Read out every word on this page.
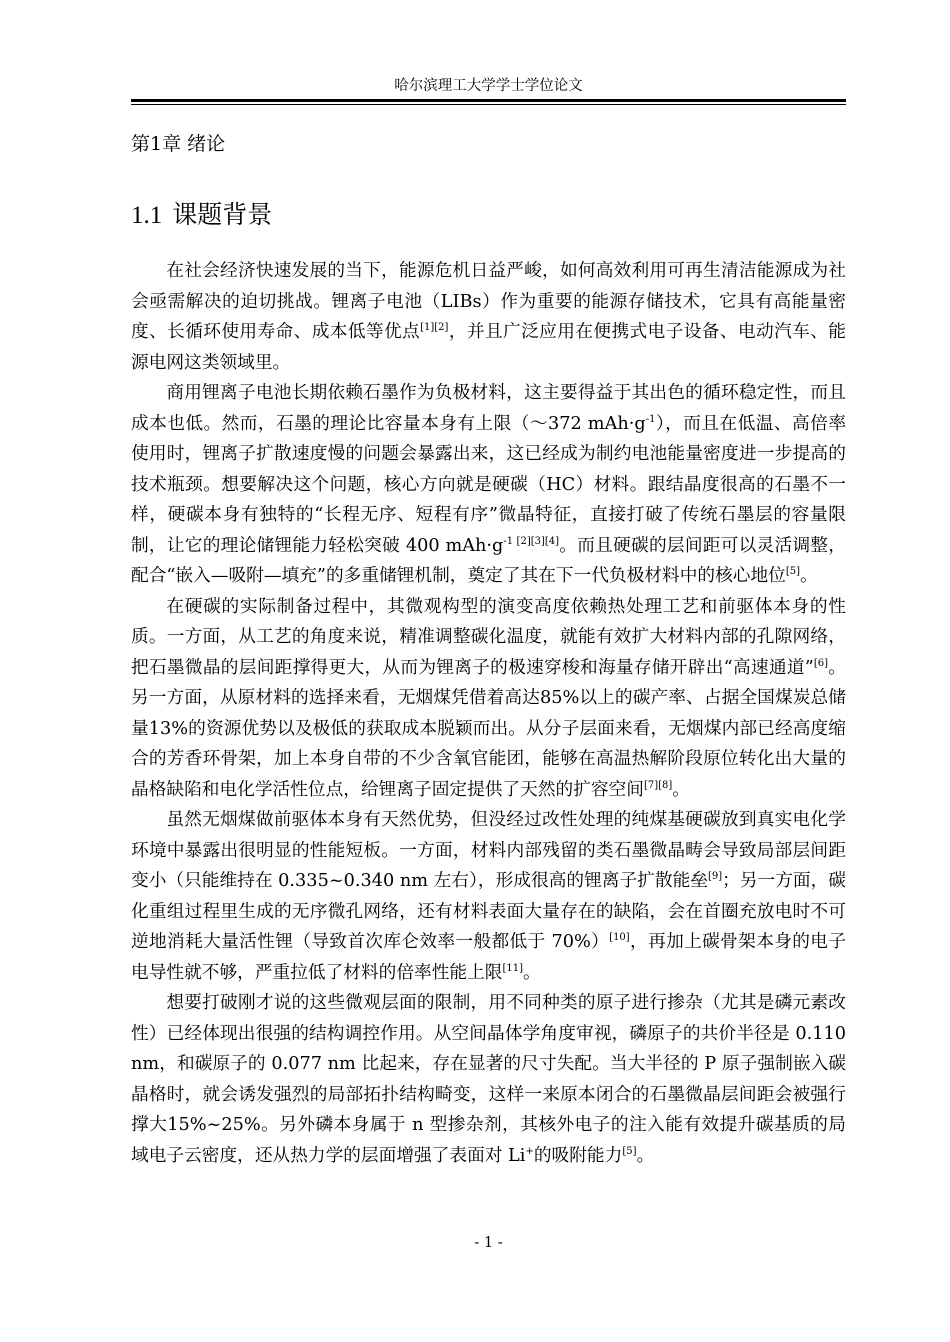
哈尔滨理工大学学士学位论文
第1章 绪论
1.1 课题背景

在社会经济快速发展的当下，能源危机日益严峻，如何高效利用可再生清洁能源成为社会亟需解决的迫切挑战。锂离子电池（LIBs）作为重要的能源存储技术，它具有高能量密度、长循环使用寿命、成本低等优点[1][2]，并且广泛应用在便携式电子设备、电动汽车、能源电网这类领域里。

商用锂离子电池长期依赖石墨作为负极材料，这主要得益于其出色的循环稳定性，而且成本也低。然而，石墨的理论比容量本身有上限（～372 $mAh\cdot g^{-1}$），而且在低温、高倍率使用时，锂离子扩散速度慢的问题会暴露出来，这已经成为制约电池能量密度进一步提高的技术瓶颈。想要解决这个问题，核心方向就是硬碳（HC）材料。跟结晶度很高的石墨不一样，硬碳本身有独特的“长程无序、短程有序”微晶特征，直接打破了传统石墨层的容量限制，让它的理论储锂能力轻松突破 400 $mAh\cdot g^{-1 [2][3][4]}$。而且硬碳的层间距可以灵活调整，配合“嵌入—吸附—填充”的多重储锂机制，奠定了其在下一代负极材料中的核心地位[5]。

在硬碳的实际制备过程中，其微观构型的演变高度依赖热处理工艺和前驱体本身的性质。一方面，从工艺的角度来说，精准调整碳化温度，就能有效扩大材料内部的孔隙网络，把石墨微晶的层间距撑得更大，从而为锂离子的极速穿梭和海量存储开辟出“高速通道”[6]。另一方面，从原材料的选择来看，无烟煤凭借着高达85%以上的碳产率、占据全国煤炭总储量13%的资源优势以及极低的获取成本脱颖而出。从分子层面来看，无烟煤内部已经高度缩合的芳香环骨架，加上本身自带的不少含氧官能团，能够在高温热解阶段原位转化出大量的晶格缺陷和电化学活性位点，给锂离子固定提供了天然的扩容空间[7][8]。

虽然无烟煤做前驱体本身有天然优势，但没经过改性处理的纯煤基硬碳放到真实电化学环境中暴露出很明显的性能短板。一方面，材料内部残留的类石墨微晶畴会导致局部层间距变小（只能维持在 0.335~0.340 nm 左右），形成很高的锂离子扩散能垒[9]；另一方面，碳化重组过程里生成的无序微孔网络，还有材料表面大量存在的缺陷，会在首圈充放电时不可逆地消耗大量活性锂（导致首次库仑效率一般都低于 70%）[10]，再加上碳骨架本身的电子电导性就不够，严重拉低了材料的倍率性能上限[11]。

想要打破刚才说的这些微观层面的限制，用不同种类的原子进行掺杂（尤其是磷元素改性）已经体现出很强的结构调控作用。从空间晶体学角度审视，磷原子的共价半径是 0.110 nm，和碳原子的 0.077 nm 比起来，存在显著的尺寸失配。当大半径的 P 原子强制嵌入碳晶格时，就会诱发强烈的局部拓扑结构畸变，这样一来原本闭合的石墨微晶层间距会被强行撑大15%~25%。另外磷本身属于 n 型掺杂剂，其核外电子的注入能有效提升碳基质的局域电子云密度，还从热力学的层面增强了表面对 Li+的吸附能力[5]。

- 1 -
